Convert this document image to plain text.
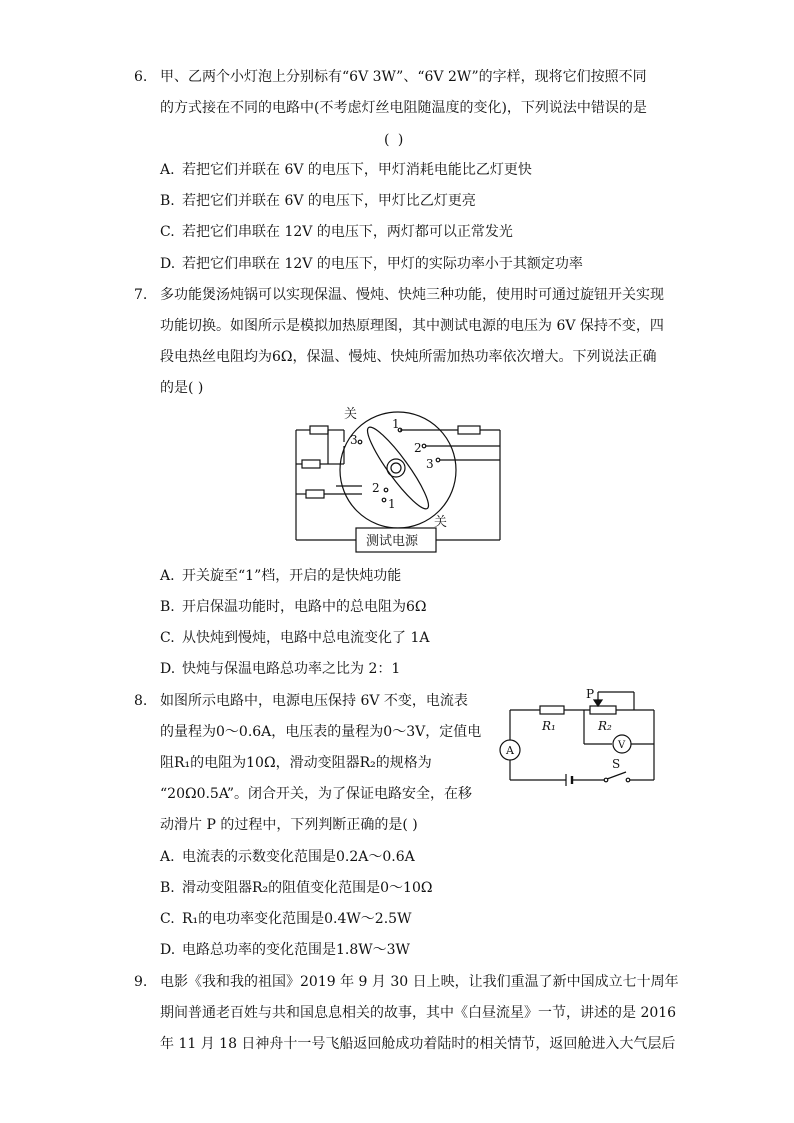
6. 甲、乙两个小灯泡上分别标有“6V 3W”、“6V 2W”的字样，现将它们按照不同
的方式接在不同的电路中(不考虑灯丝电阻随温度的变化)，下列说法中错误的是
( )
A. 若把它们并联在 6V 的电压下，甲灯消耗电能比乙灯更快
B. 若把它们并联在 6V 的电压下，甲灯比乙灯更亮
C. 若把它们串联在 12V 的电压下，两灯都可以正常发光
D. 若把它们串联在 12V 的电压下，甲灯的实际功率小于其额定功率
7. 多功能煲汤炖锅可以实现保温、慢炖、快炖三种功能，使用时可通过旋钮开关实现
功能切换。如图所示是模拟加热原理图，其中测试电源的电压为 6V 保持不变，四
段电热丝电阻均为6Ω，保温、慢炖、快炖所需加热功率依次增大。下列说法正确
的是( )
关
关
1
2
3
3
2
1
测试电源
A. 开关旋至“1”档，开启的是快炖功能
B. 开启保温功能时，电路中的总电阻为6Ω
C. 从快炖到慢炖，电路中总电流变化了 1A
D. 快炖与保温电路总功率之比为 2：1
8. 如图所示电路中，电源电压保持 6V 不变，电流表
的量程为0～0.6A，电压表的量程为0～3V，定值电
阻R₁的电阻为10Ω，滑动变阻器R₂的规格为
“20Ω0.5A”。闭合开关，为了保证电路安全，在移
动滑片 P 的过程中，下列判断正确的是( )
P
R₁	R₂
A	V
S
A. 电流表的示数变化范围是0.2A～0.6A
B. 滑动变阻器R₂的阻值变化范围是0～10Ω
C. R₁的电功率变化范围是0.4W～2.5W
D. 电路总功率的变化范围是1.8W～3W
9. 电影《我和我的祖国》2019 年 9 月 30 日上映，让我们重温了新中国成立七十周年
期间普通老百姓与共和国息息相关的故事，其中《白昼流星》一节，讲述的是 2016
年 11 月 18 日神舟十一号飞船返回舱成功着陆时的相关情节，返回舱进入大气层后
